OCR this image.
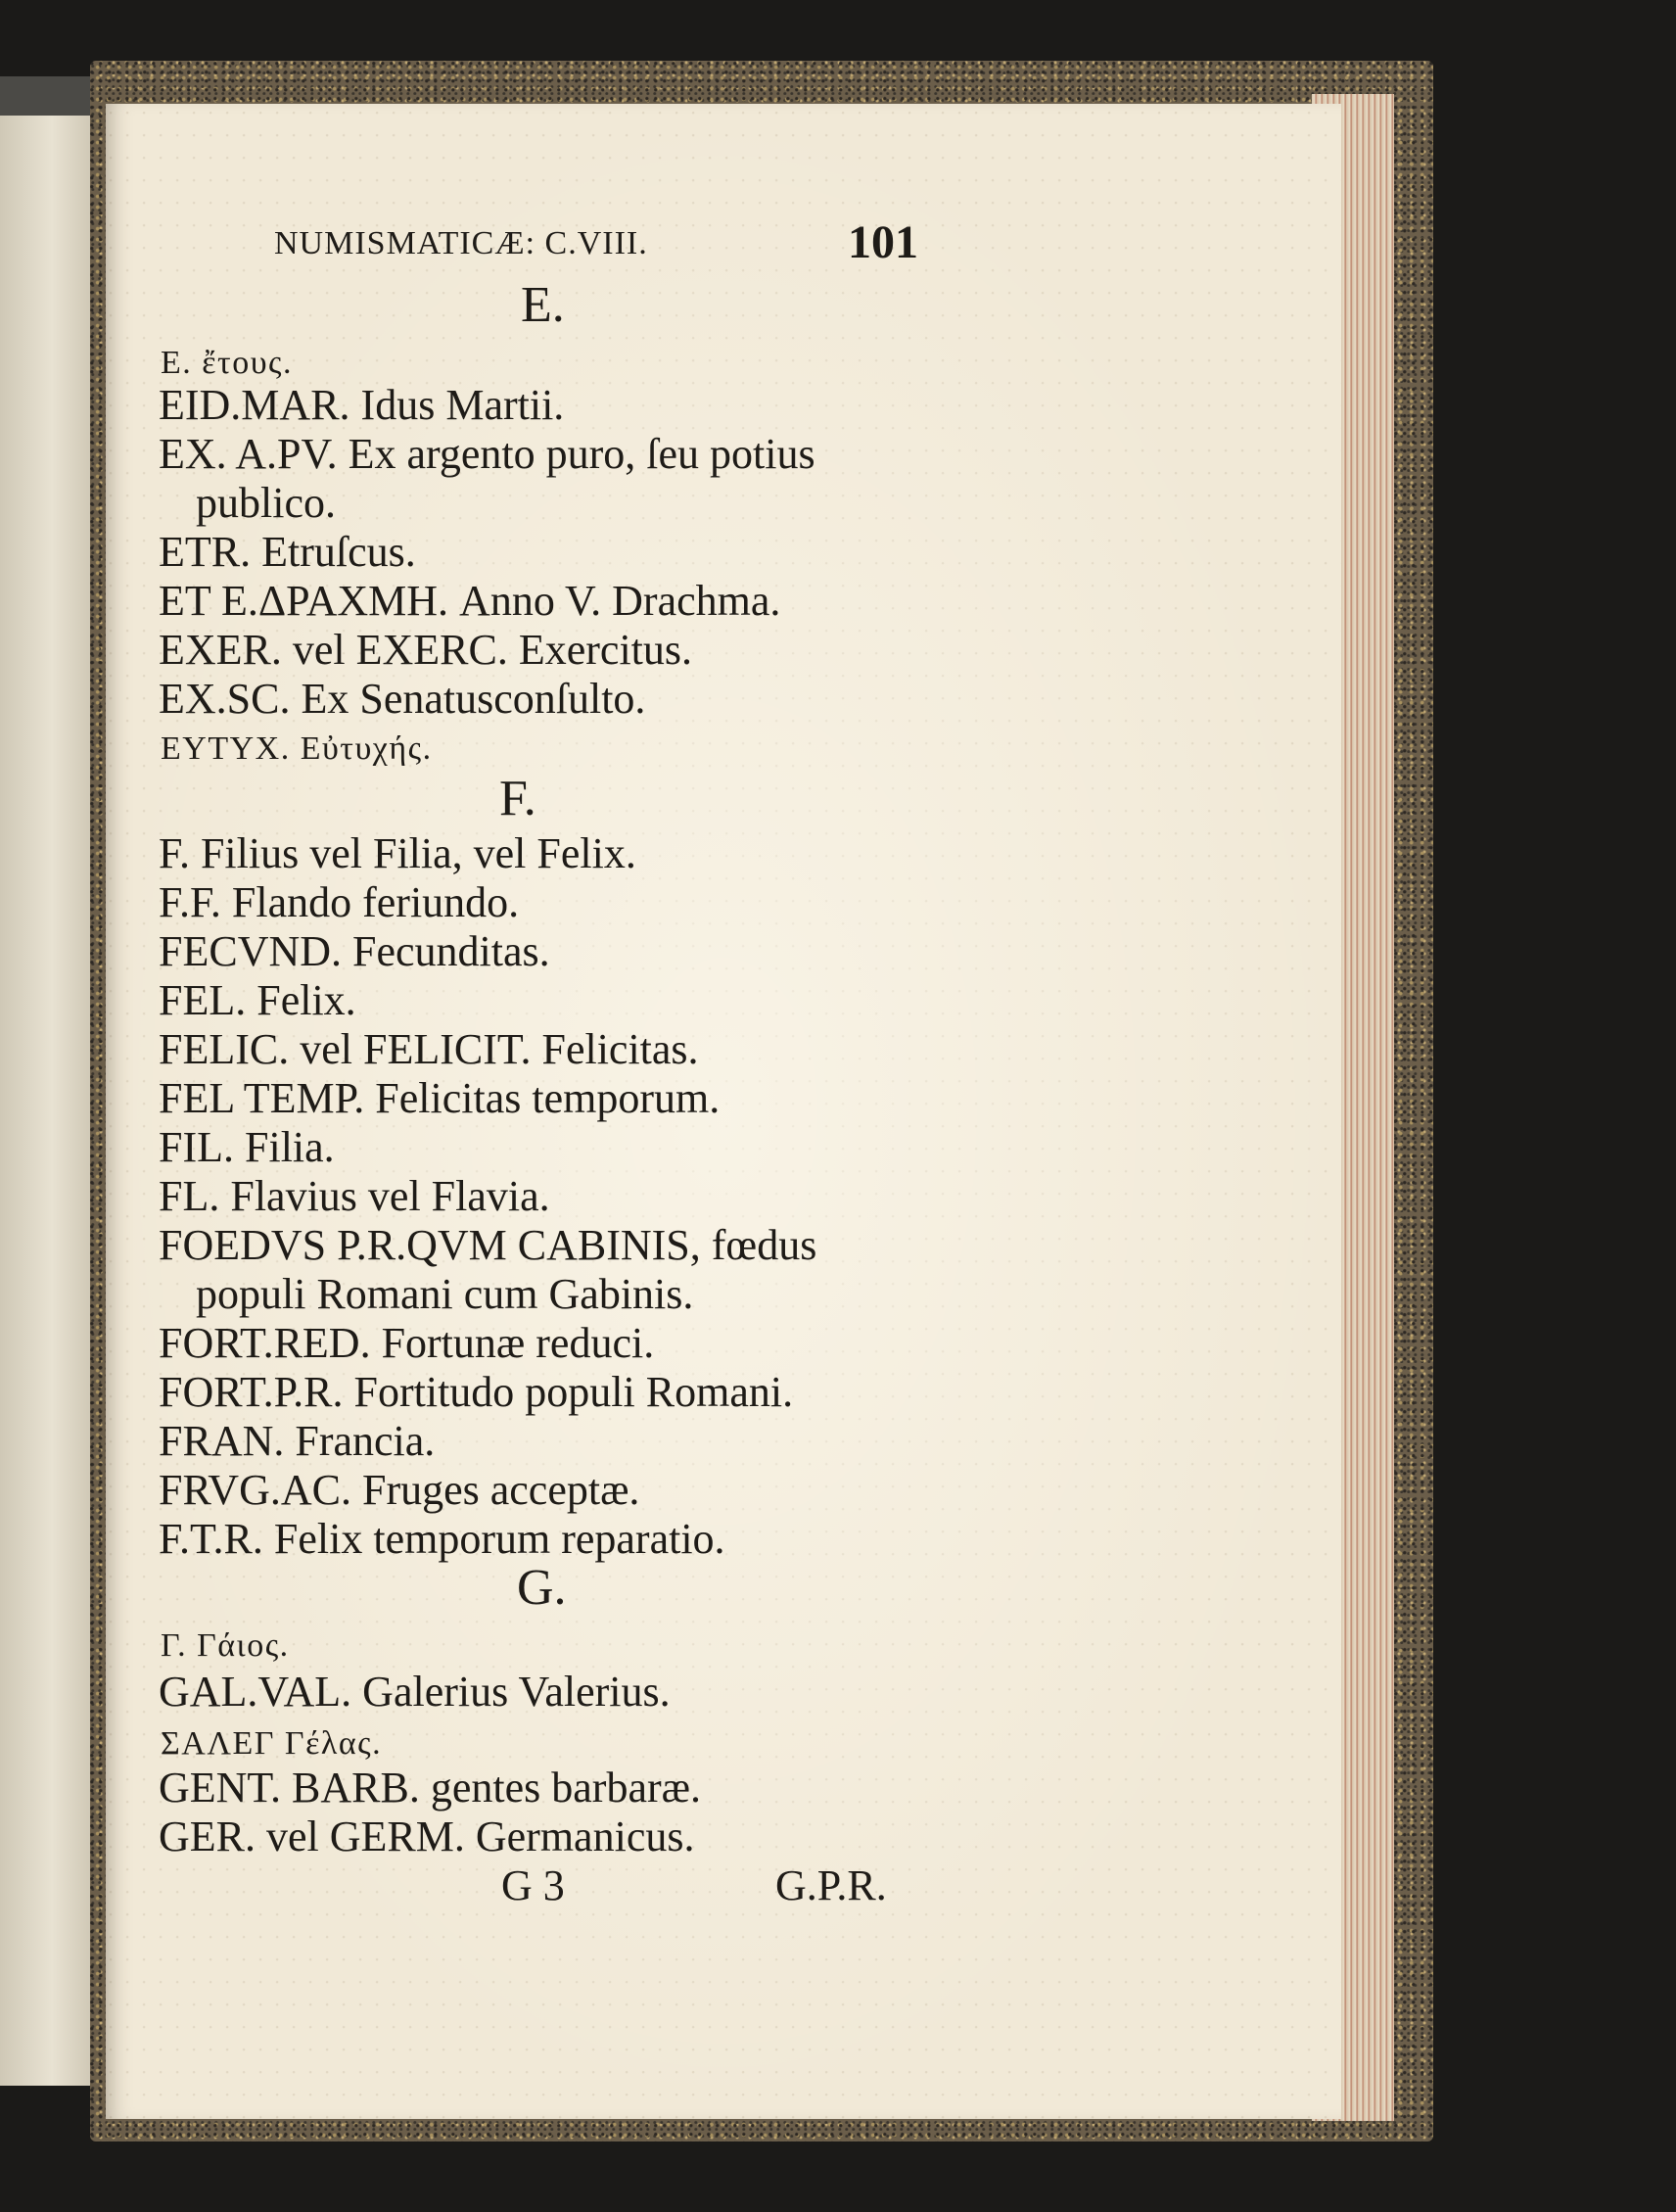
NUMISMATICÆ: C.VIII.	101
E.
E. ἔτους.
EID.MAR. Idus Martii.
EX. A.PV. Ex argento puro, ſeu potius
publico.
ETR. Etruſcus.
ET E.ΔΡΑΧΜΗ. Anno V. Drachma.
EXER. vel EXERC. Exercitus.
EX.SC. Ex Senatusconſulto.
EYTYX. Εὐτυχής.
F.
F. Filius vel Filia, vel Felix.
F.F. Flando feriundo.
FECVND. Fecunditas.
FEL. Felix.
FELIC. vel FELICIT. Felicitas.
FEL TEMP. Felicitas temporum.
FIL. Filia.
FL. Flavius vel Flavia.
FOEDVS P.R.QVM CABINIS, fœdus
populi Romani cum Gabinis.
FORT.RED. Fortunæ reduci.
FORT.P.R. Fortitudo populi Romani.
FRAN. Francia.
FRVG.AC. Fruges acceptæ.
F.T.R. Felix temporum reparatio.
G.
Γ. Γάιος.
GAL.VAL. Galerius Valerius.
ΣΑΛΕΓ Γέλας.
GENT. BARB. gentes barbaræ.
GER. vel GERM. Germanicus.
G 3	G.P.R.
